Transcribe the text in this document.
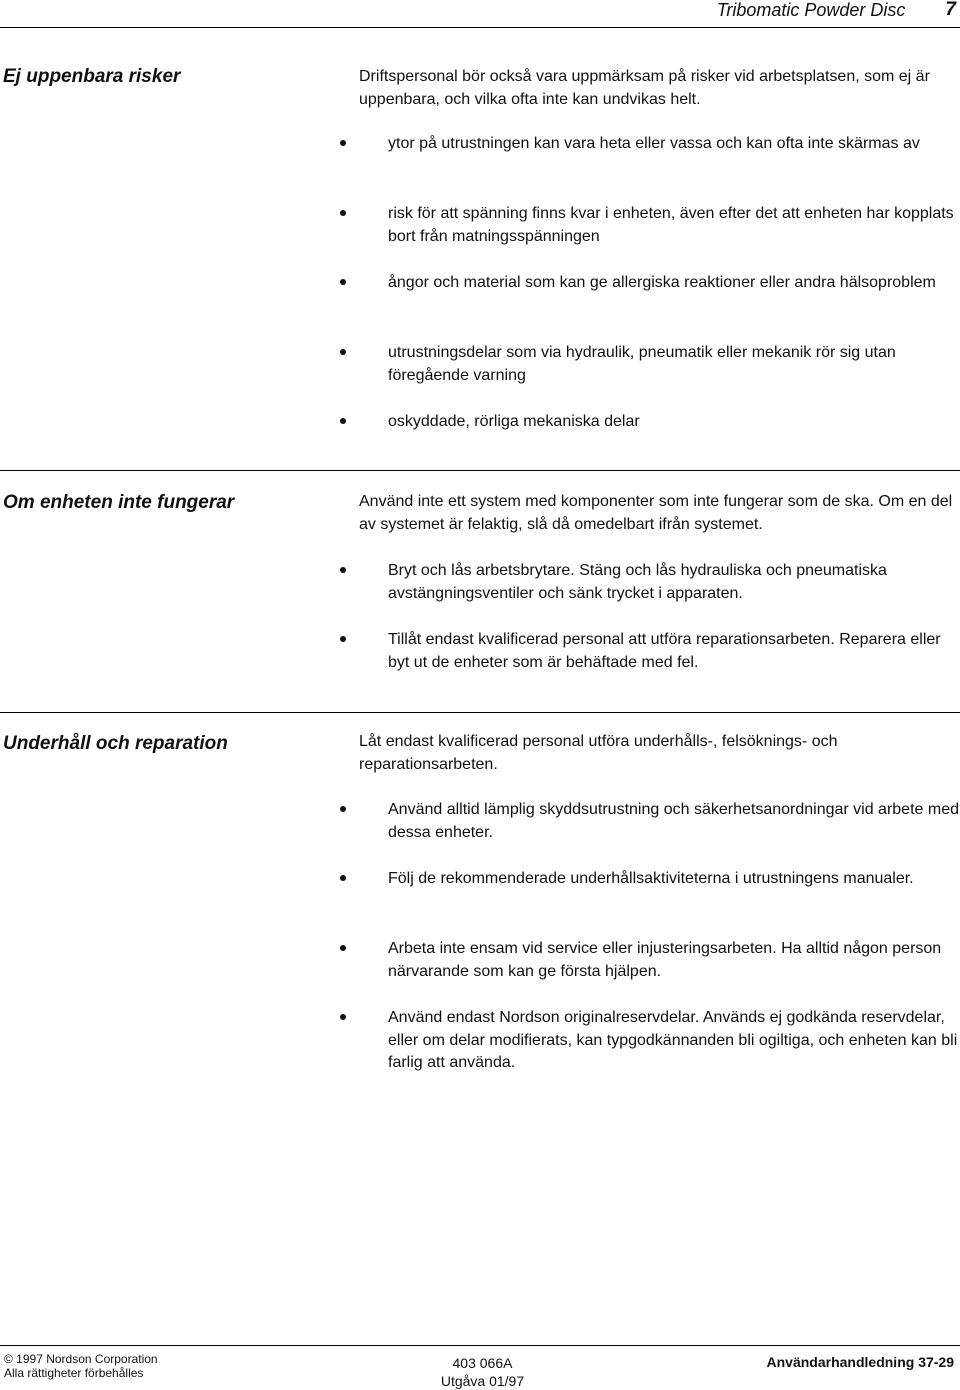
Tribomatic Powder Disc 7
Ej uppenbara risker	Driftspersonal bör också vara uppmärksam på risker vid arbetsplatsen, som ej är uppenbara, och vilka ofta inte kan undvikas helt.

ytor på utrustningen kan vara heta eller vassa och kan ofta inte skärmas av
risk för att spänning finns kvar i enheten, även efter det att enheten har kopplats bort från matningsspänningen
ångor och material som kan ge allergiska reaktioner eller andra hälsoproblem
utrustningsdelar som via hydraulik, pneumatik eller mekanik rör sig utan föregående varning
oskyddade, rörliga mekaniska delar
Om enheten inte fungerar	Använd inte ett system med komponenter som inte fungerar som de ska. Om en del av systemet är felaktig, slå då omedelbart ifrån systemet.

Bryt och lås arbetsbrytare. Stäng och lås hydrauliska och pneumatiska avstängningsventiler och sänk trycket i apparaten.
Tillåt endast kvalificerad personal att utföra reparationsarbeten. Reparera eller byt ut de enheter som är behäftade med fel.
Underhåll och reparation	Låt endast kvalificerad personal utföra underhålls-, felsöknings- och reparationsarbeten.

Använd alltid lämplig skyddsutrustning och säkerhetsanordningar vid arbete med dessa enheter.
Följ de rekommenderade underhållsaktiviteterna i utrustningens manualer.
Arbeta inte ensam vid service eller injusteringsarbeten. Ha alltid någon person närvarande som kan ge första hjälpen.
Använd endast Nordson originalreservdelar. Används ej godkända reservdelar, eller om delar modifierats, kan typgodkännanden bli ogiltiga, och enheten kan bli farlig att använda.
© 1997 Nordson Corporation
Alla rättigheter förbehålles
403 066A
Utgåva 01/97
Användarhandledning 37-29
